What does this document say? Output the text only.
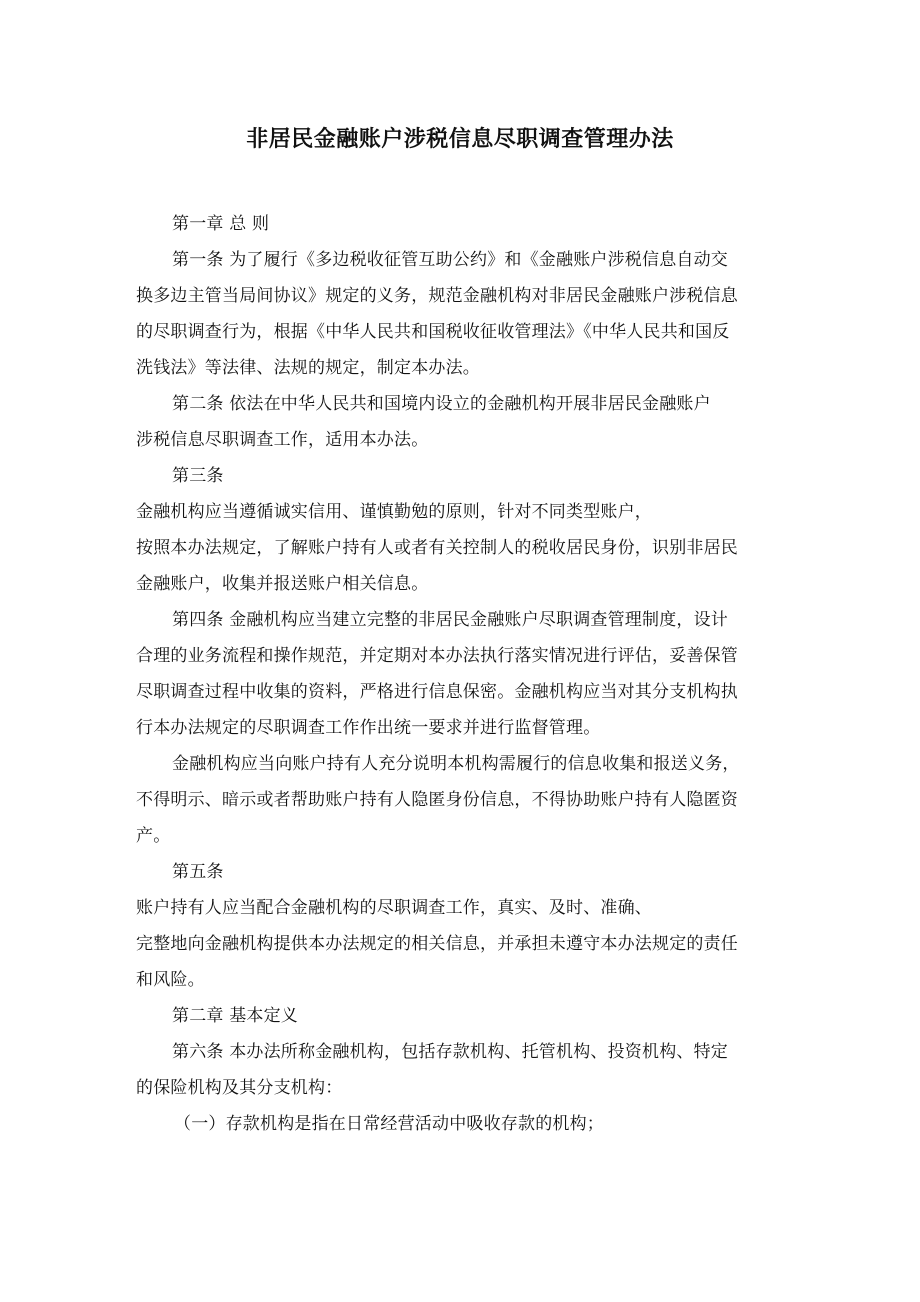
非居民金融账户涉税信息尽职调查管理办法
第一章 总 则
第一条 为了履行《多边税收征管互助公约》和《金融账户涉税信息自动交
换多边主管当局间协议》规定的义务，规范金融机构对非居民金融账户涉税信息
的尽职调查行为，根据《中华人民共和国税收征收管理法》《中华人民共和国反
洗钱法》等法律、法规的规定，制定本办法。
第二条 依法在中华人民共和国境内设立的金融机构开展非居民金融账户
涉税信息尽职调查工作，适用本办法。
第三条
金融机构应当遵循诚实信用、谨慎勤勉的原则，针对不同类型账户，
按照本办法规定，了解账户持有人或者有关控制人的税收居民身份，识别非居民
金融账户，收集并报送账户相关信息。
第四条 金融机构应当建立完整的非居民金融账户尽职调查管理制度，设计
合理的业务流程和操作规范，并定期对本办法执行落实情况进行评估，妥善保管
尽职调查过程中收集的资料，严格进行信息保密。金融机构应当对其分支机构执
行本办法规定的尽职调查工作作出统一要求并进行监督管理。
金融机构应当向账户持有人充分说明本机构需履行的信息收集和报送义务，
不得明示、暗示或者帮助账户持有人隐匿身份信息，不得协助账户持有人隐匿资
产。
第五条
账户持有人应当配合金融机构的尽职调查工作，真实、及时、准确、
完整地向金融机构提供本办法规定的相关信息，并承担未遵守本办法规定的责任
和风险。
第二章 基本定义
第六条 本办法所称金融机构，包括存款机构、托管机构、投资机构、特定
的保险机构及其分支机构：
（一）存款机构是指在日常经营活动中吸收存款的机构；
